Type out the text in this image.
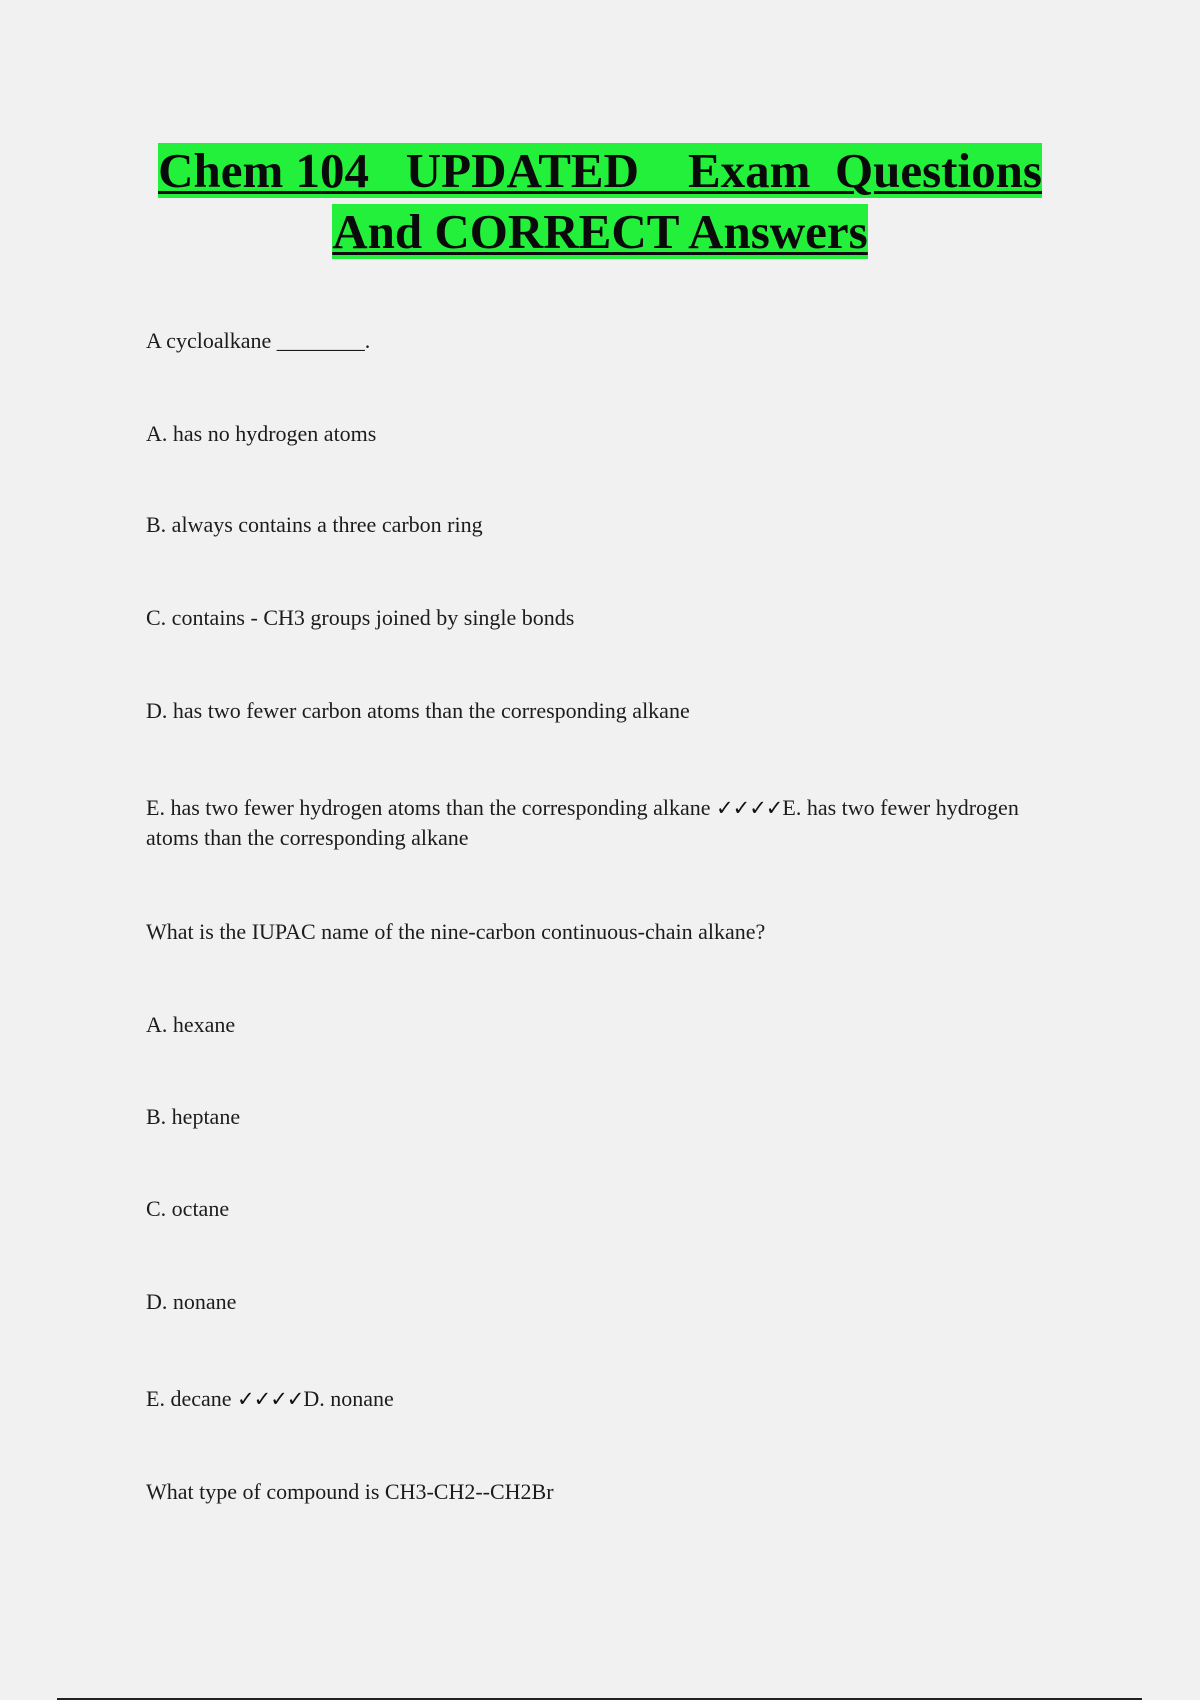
Chem 104   UPDATED    Exam  Questions
And CORRECT Answers

A cycloalkane ________.

A. has no hydrogen atoms

B. always contains a three carbon ring

C. contains - CH3 groups joined by single bonds

D. has two fewer carbon atoms than the corresponding alkane

E. has two fewer hydrogen atoms than the corresponding alkane ✓✓✓✓E. has two fewer hydrogen atoms than the corresponding alkane

What is the IUPAC name of the nine-carbon continuous-chain alkane?

A. hexane

B. heptane

C. octane

D. nonane

E. decane ✓✓✓✓D. nonane

What type of compound is CH3-CH2--CH2Br
